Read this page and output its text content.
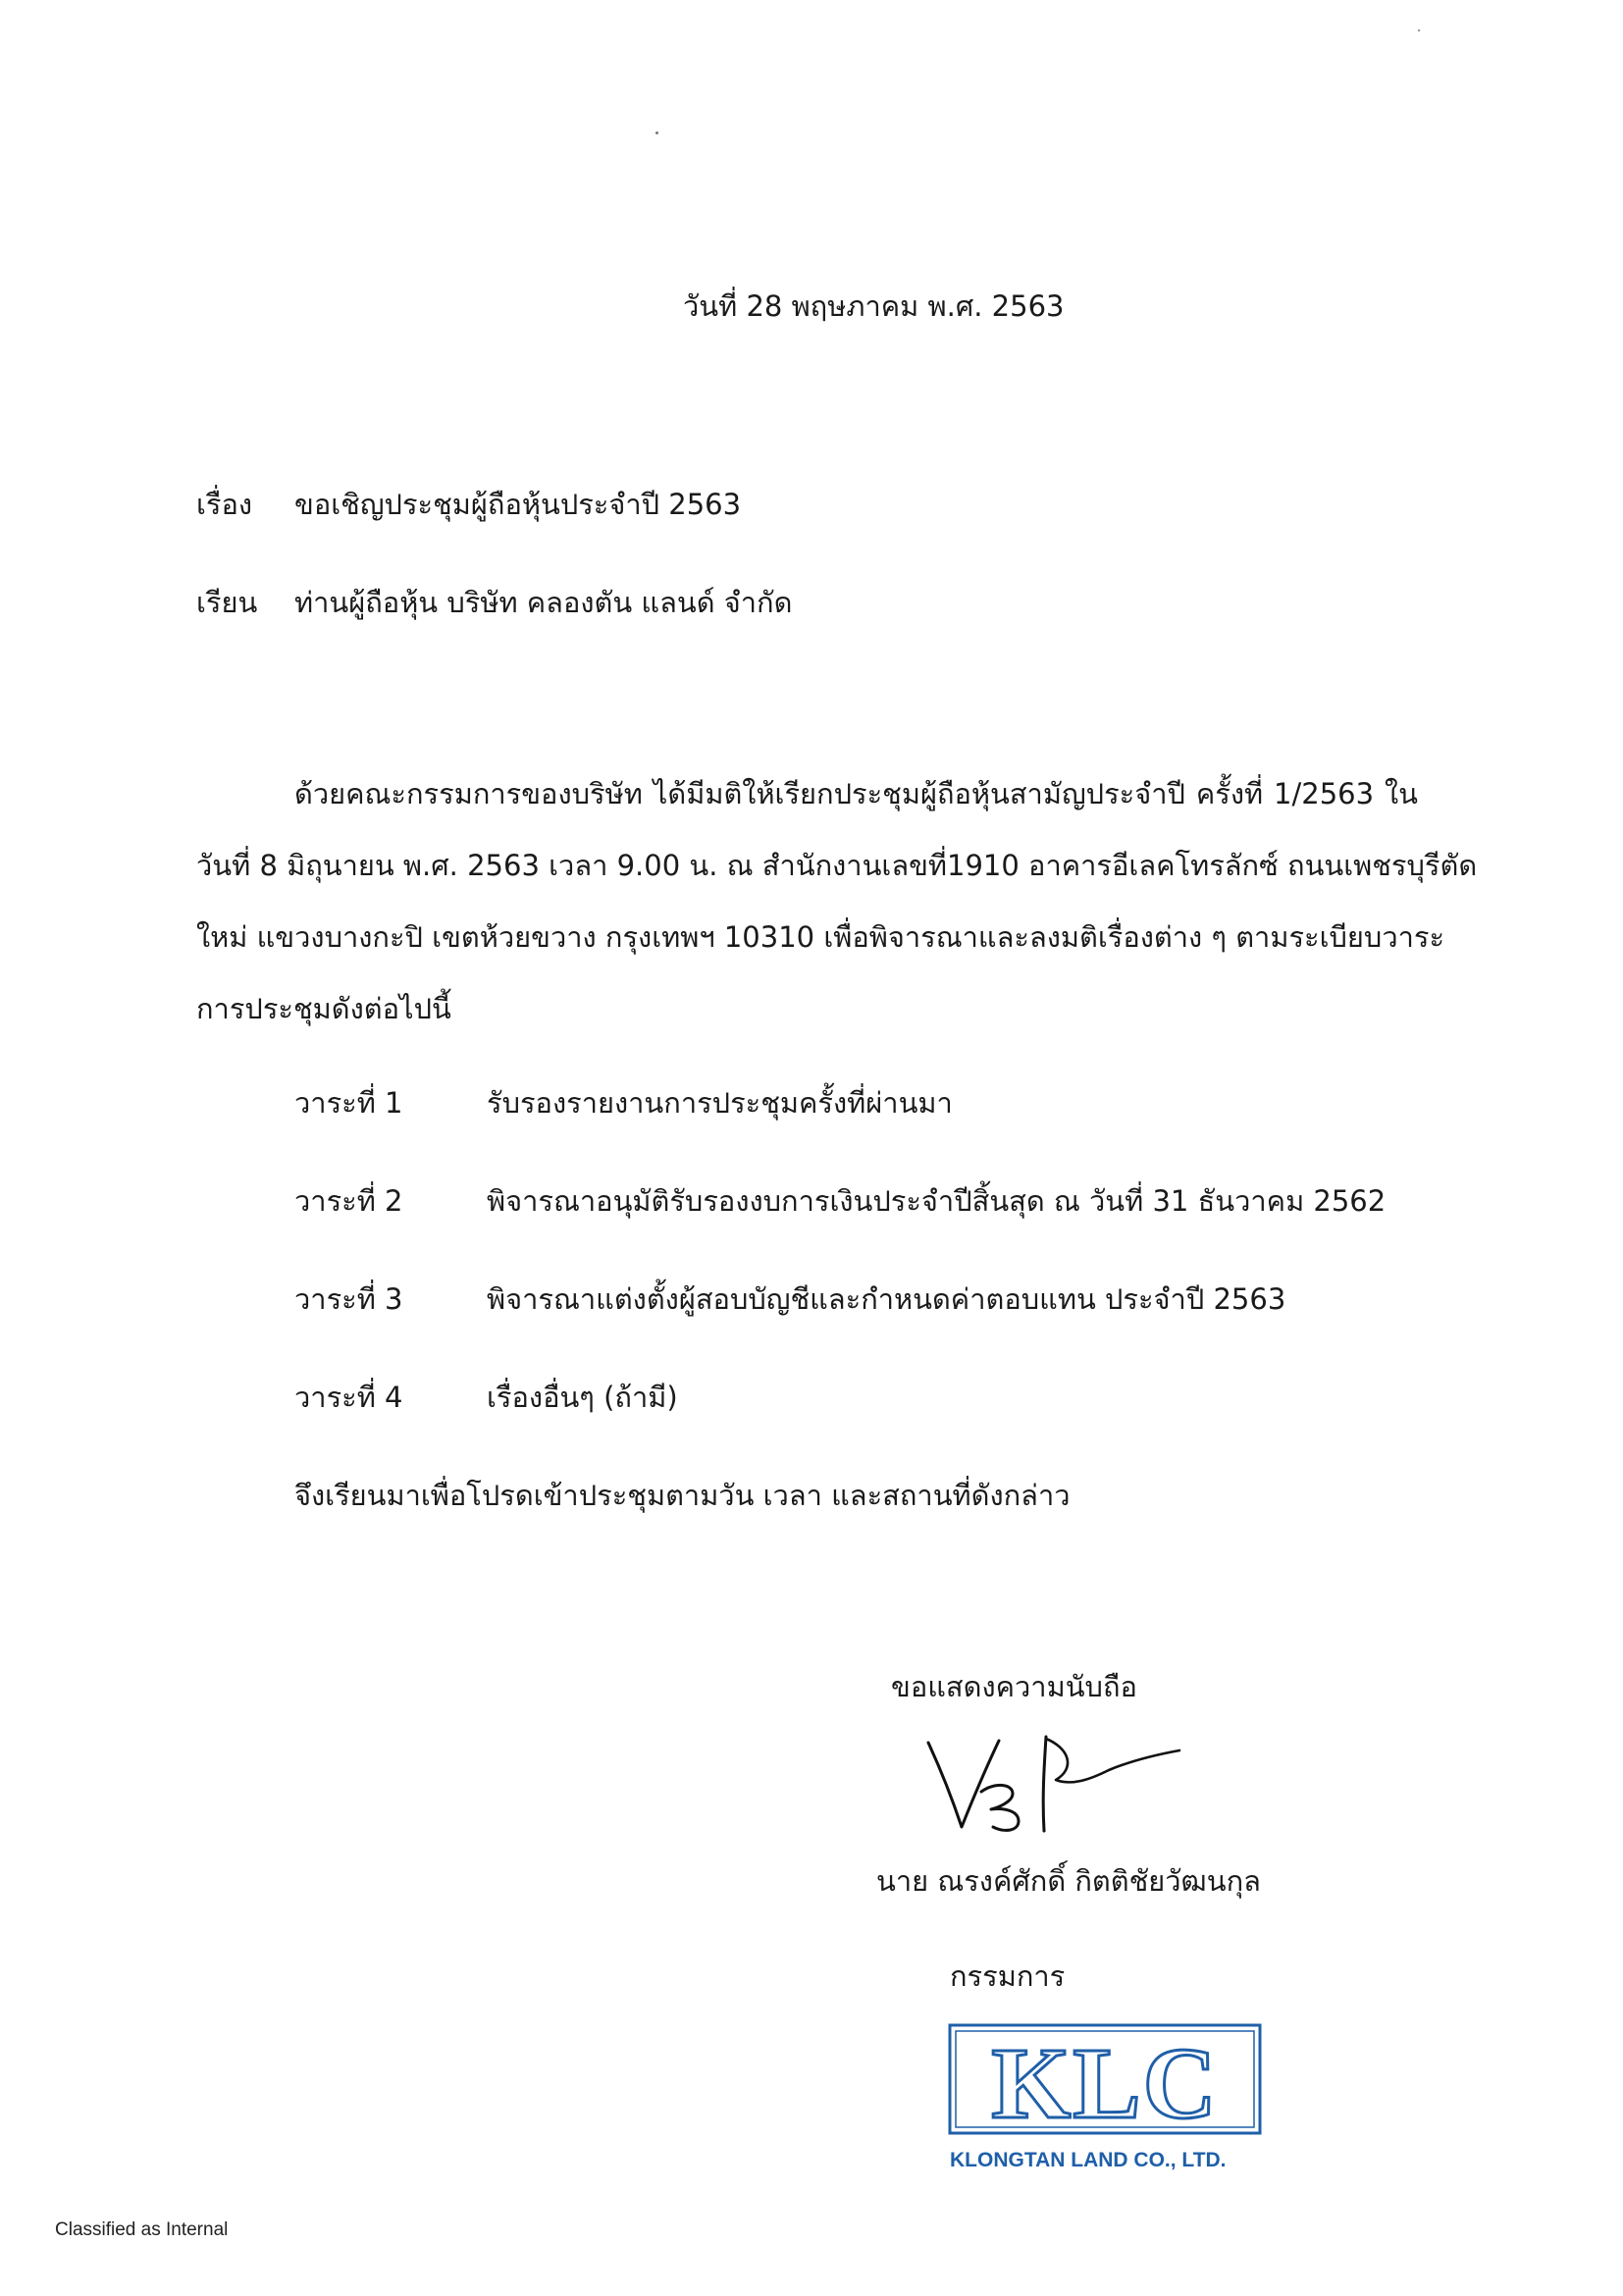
วันที่ 28 พฤษภาคม พ.ศ. 2563
เรื่อง ขอเชิญประชุมผู้ถือหุ้นประจำปี 2563
เรียน ท่านผู้ถือหุ้น บริษัท คลองตัน แลนด์ จำกัด
ด้วยคณะกรรมการของบริษัท ได้มีมติให้เรียกประชุมผู้ถือหุ้นสามัญประจำปี ครั้งที่ 1/2563 ใน
วันที่ 8 มิถุนายน พ.ศ. 2563 เวลา 9.00 น. ณ สำนักงานเลขที่1910 อาคารอีเลคโทรลักซ์ ถนนเพชรบุรีตัด
ใหม่ แขวงบางกะปิ เขตห้วยขวาง กรุงเทพฯ 10310 เพื่อพิจารณาและลงมติเรื่องต่าง ๆ ตามระเบียบวาระ
การประชุมดังต่อไปนี้
วาระที่ 1	รับรองรายงานการประชุมครั้งที่ผ่านมา
วาระที่ 2	พิจารณาอนุมัติรับรองงบการเงินประจำปีสิ้นสุด ณ วันที่ 31 ธันวาคม 2562
วาระที่ 3	พิจารณาแต่งตั้งผู้สอบบัญชีและกำหนดค่าตอบแทน ประจำปี 2563
วาระที่ 4	เรื่องอื่นๆ (ถ้ามี)
จึงเรียนมาเพื่อโปรดเข้าประชุมตามวัน เวลา และสถานที่ดังกล่าว
ขอแสดงความนับถือ
นาย ณรงค์ศักดิ์ กิตติชัยวัฒนกุล
กรรมการ
KLC
KLONGTAN LAND CO., LTD.
Classified as Internal
